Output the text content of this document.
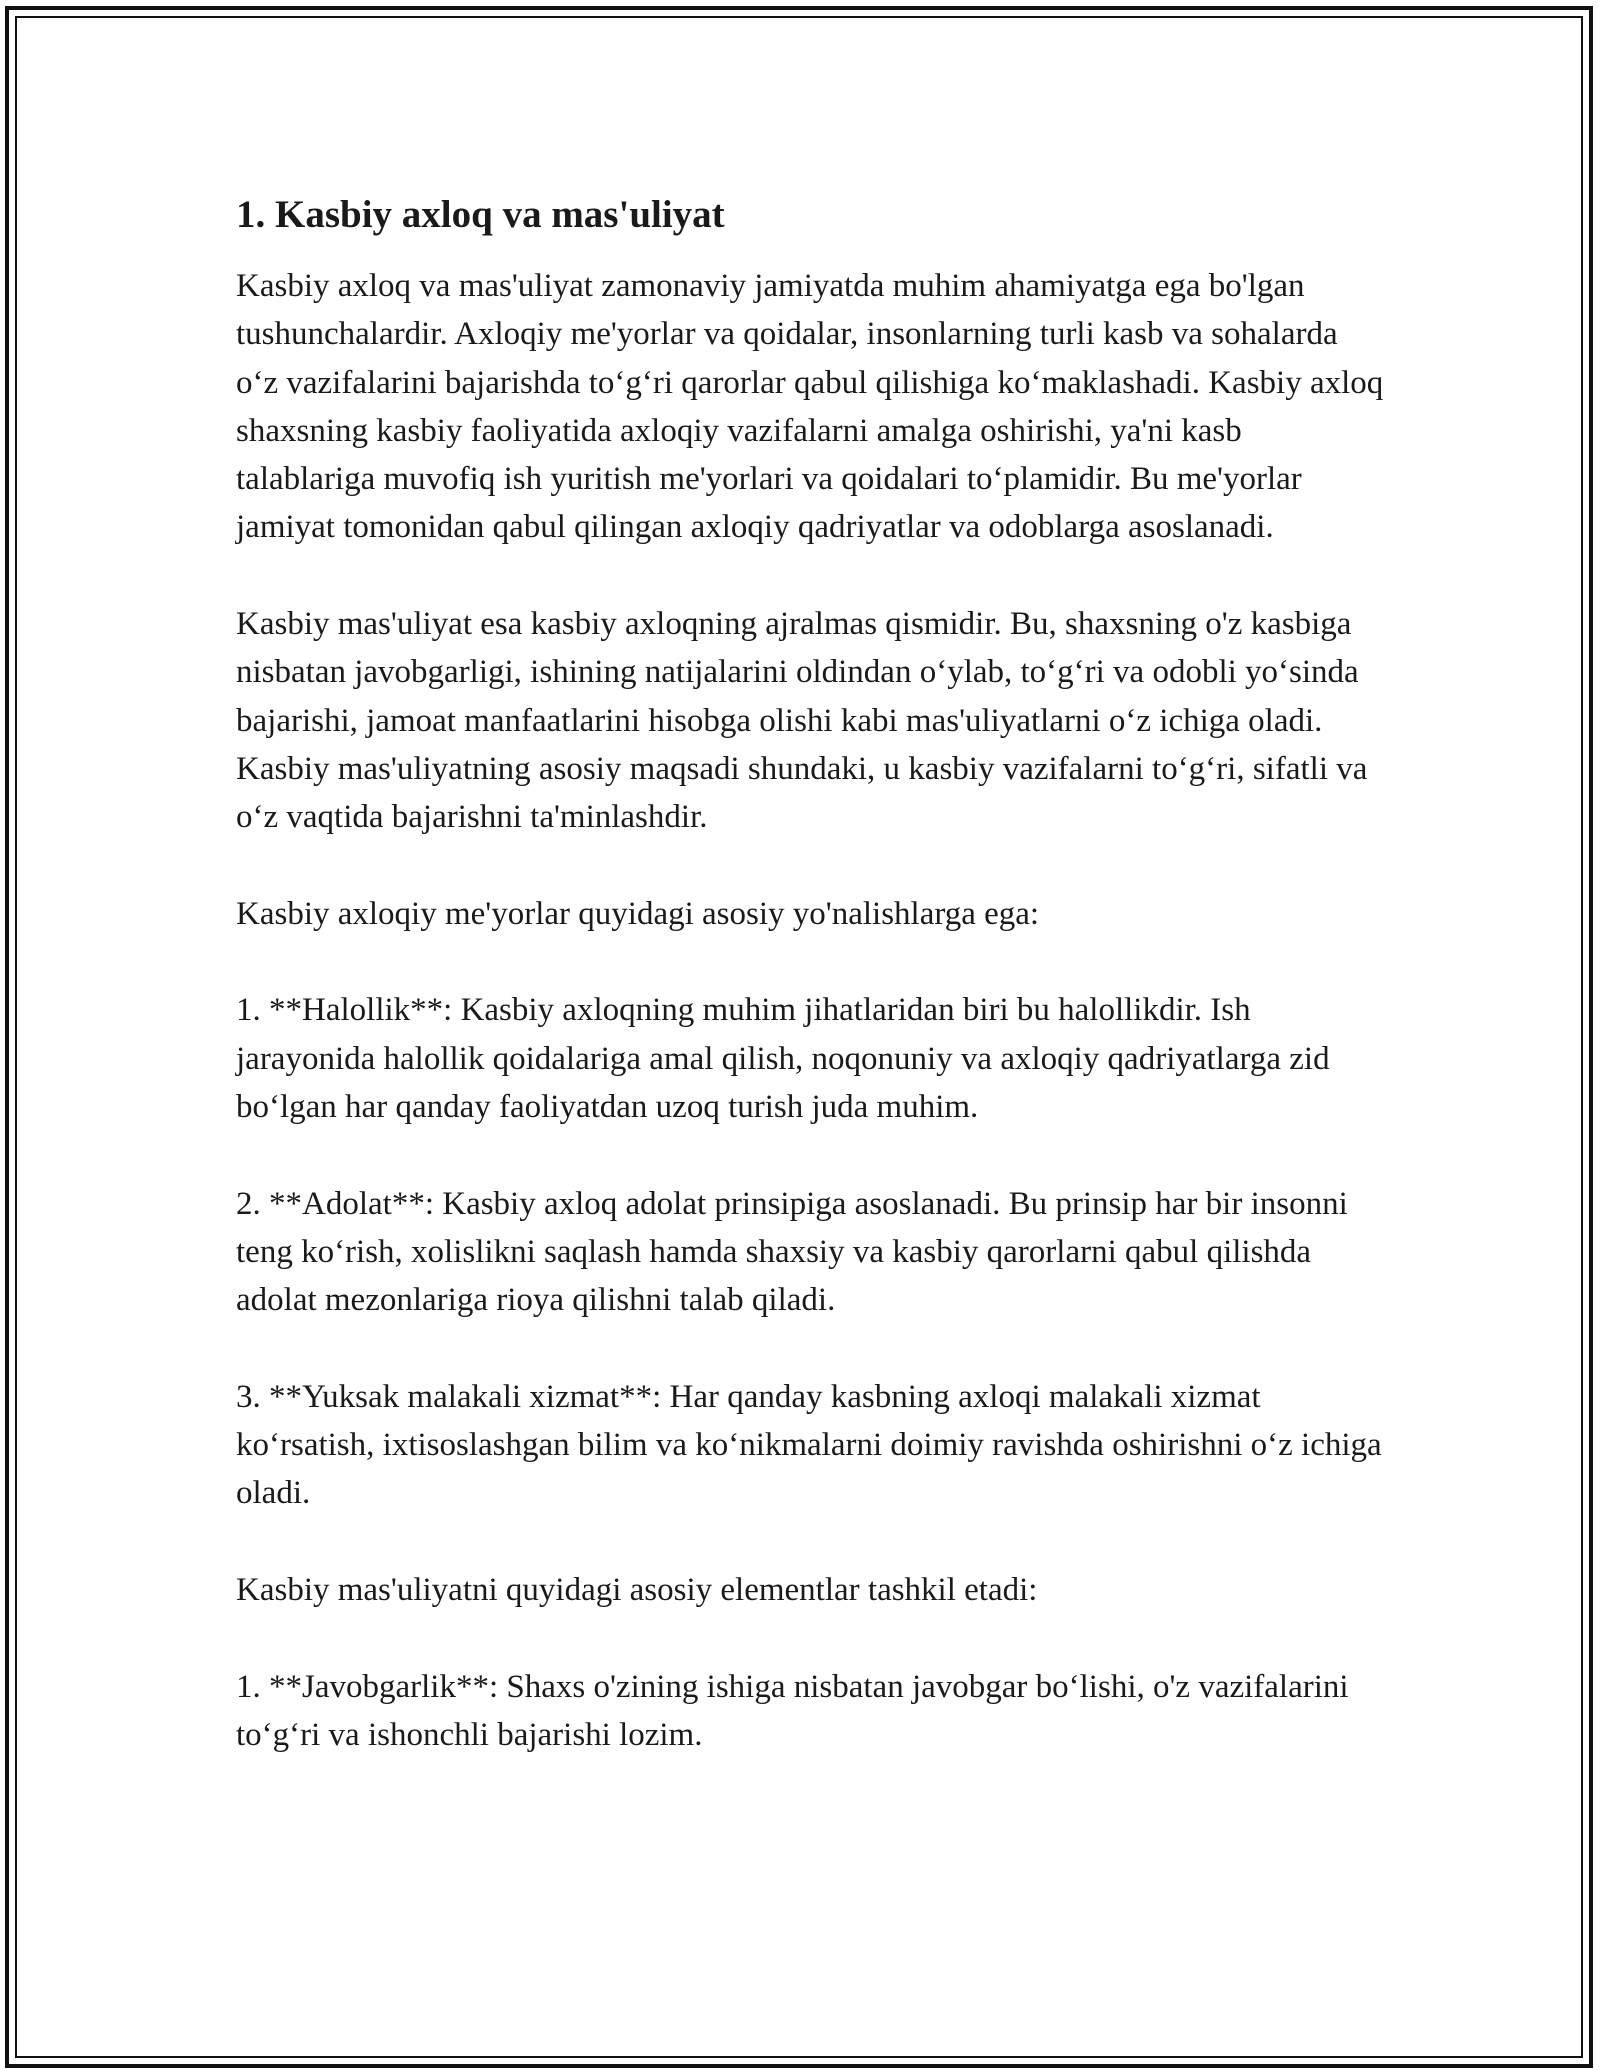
1. Kasbiy axloq va mas'uliyat

Kasbiy axloq va mas'uliyat zamonaviy jamiyatda muhim ahamiyatga ega bo'lgan tushunchalardir. Axloqiy me'yorlar va qoidalar, insonlarning turli kasb va sohalarda o‘z vazifalarini bajarishda to‘g‘ri qarorlar qabul qilishiga ko‘maklashadi. Kasbiy axloq shaxsning kasbiy faoliyatida axloqiy vazifalarni amalga oshirishi, ya'ni kasb talablariga muvofiq ish yuritish me'yorlari va qoidalari to‘plamidir. Bu me'yorlar jamiyat tomonidan qabul qilingan axloqiy qadriyatlar va odoblarga asoslanadi.

Kasbiy mas'uliyat esa kasbiy axloqning ajralmas qismidir. Bu, shaxsning o'z kasbiga nisbatan javobgarligi, ishining natijalarini oldindan o‘ylab, to‘g‘ri va odobli yo‘sinda bajarishi, jamoat manfaatlarini hisobga olishi kabi mas'uliyatlarni o‘z ichiga oladi. Kasbiy mas'uliyatning asosiy maqsadi shundaki, u kasbiy vazifalarni to‘g‘ri, sifatli va o‘z vaqtida bajarishni ta'minlashdir.

Kasbiy axloqiy me'yorlar quyidagi asosiy yo'nalishlarga ega:

1. **Halollik**: Kasbiy axloqning muhim jihatlaridan biri bu halollikdir. Ish jarayonida halollik qoidalariga amal qilish, noqonuniy va axloqiy qadriyatlarga zid bo‘lgan har qanday faoliyatdan uzoq turish juda muhim.

2. **Adolat**: Kasbiy axloq adolat prinsipiga asoslanadi. Bu prinsip har bir insonni teng ko‘rish, xolislikni saqlash hamda shaxsiy va kasbiy qarorlarni qabul qilishda adolat mezonlariga rioya qilishni talab qiladi.

3. **Yuksak malakali xizmat**: Har qanday kasbning axloqi malakali xizmat ko‘rsatish, ixtisoslashgan bilim va ko‘nikmalarni doimiy ravishda oshirishni o‘z ichiga oladi.

Kasbiy mas'uliyatni quyidagi asosiy elementlar tashkil etadi:

1. **Javobgarlik**: Shaxs o'zining ishiga nisbatan javobgar bo‘lishi, o'z vazifalarini to‘g‘ri va ishonchli bajarishi lozim.
